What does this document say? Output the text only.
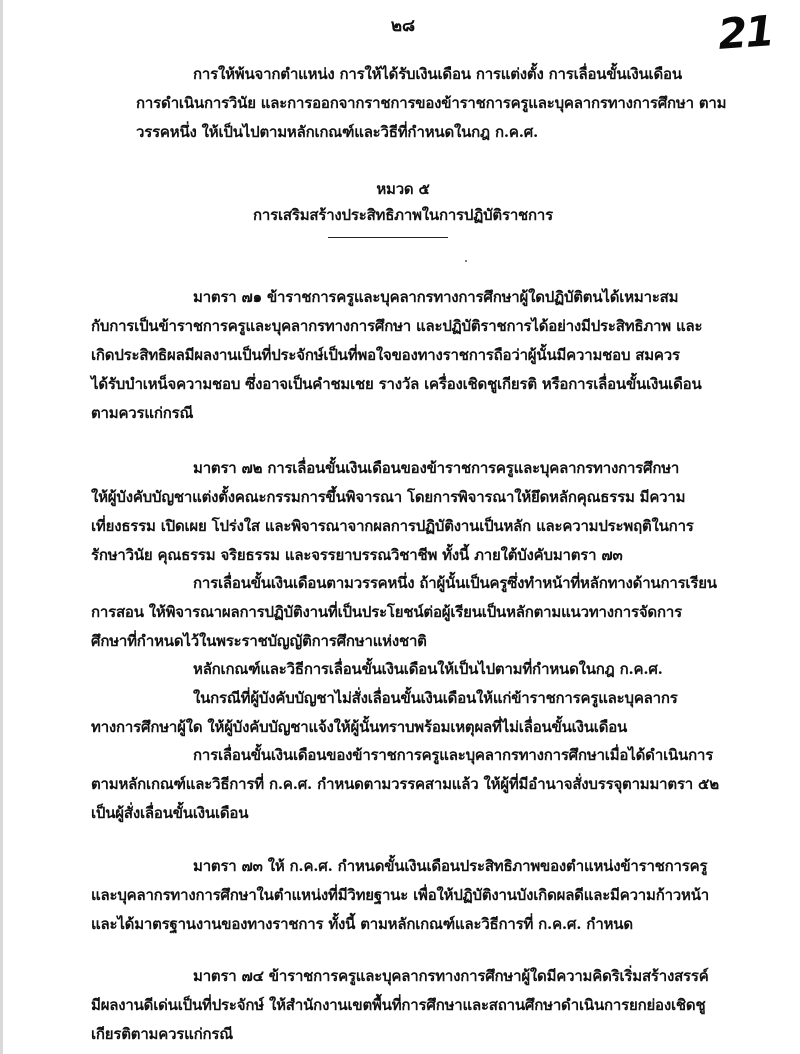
๒๘	21
การให้พ้นจากตำแหน่ง การให้ได้รับเงินเดือน การแต่งตั้ง การเลื่อนขั้นเงินเดือน
การดำเนินการวินัย และการออกจากราชการของข้าราชการครูและบุคลากรทางการศึกษา ตาม
วรรคหนึ่ง ให้เป็นไปตามหลักเกณฑ์และวิธีที่กำหนดในกฎ ก.ค.ศ.
หมวด ๕
การเสริมสร้างประสิทธิภาพในการปฏิบัติราชการ
มาตรา ๗๑ ข้าราชการครูและบุคลากรทางการศึกษาผู้ใดปฏิบัติตนได้เหมาะสม
กับการเป็นข้าราชการครูและบุคลากรทางการศึกษา และปฏิบัติราชการได้อย่างมีประสิทธิภาพ และ
เกิดประสิทธิผลมีผลงานเป็นที่ประจักษ์เป็นที่พอใจของทางราชการถือว่าผู้นั้นมีความชอบ สมควร
ได้รับบำเหน็จความชอบ ซึ่งอาจเป็นคำชมเชย รางวัล เครื่องเชิดชูเกียรติ หรือการเลื่อนขั้นเงินเดือน
ตามควรแก่กรณี
มาตรา ๗๒ การเลื่อนขั้นเงินเดือนของข้าราชการครูและบุคลากรทางการศึกษา
ให้ผู้บังคับบัญชาแต่งตั้งคณะกรรมการขึ้นพิจารณา โดยการพิจารณาให้ยึดหลักคุณธรรม มีความ
เที่ยงธรรม เปิดเผย โปร่งใส และพิจารณาจากผลการปฏิบัติงานเป็นหลัก และความประพฤติในการ
รักษาวินัย คุณธรรม จริยธรรม และจรรยาบรรณวิชาชีพ ทั้งนี้ ภายใต้บังคับมาตรา ๗๓
การเลื่อนขั้นเงินเดือนตามวรรคหนึ่ง ถ้าผู้นั้นเป็นครูซึ่งทำหน้าที่หลักทางด้านการเรียน
การสอน ให้พิจารณาผลการปฏิบัติงานที่เป็นประโยชน์ต่อผู้เรียนเป็นหลักตามแนวทางการจัดการ
ศึกษาที่กำหนดไว้ในพระราชบัญญัติการศึกษาแห่งชาติ
หลักเกณฑ์และวิธีการเลื่อนขั้นเงินเดือนให้เป็นไปตามที่กำหนดในกฎ ก.ค.ศ.
ในกรณีที่ผู้บังคับบัญชาไม่สั่งเลื่อนขั้นเงินเดือนให้แก่ข้าราชการครูและบุคลากร
ทางการศึกษาผู้ใด ให้ผู้บังคับบัญชาแจ้งให้ผู้นั้นทราบพร้อมเหตุผลที่ไม่เลื่อนขั้นเงินเดือน
การเลื่อนขั้นเงินเดือนของข้าราชการครูและบุคลากรทางการศึกษาเมื่อได้ดำเนินการ
ตามหลักเกณฑ์และวิธีการที่ ก.ค.ศ. กำหนดตามวรรคสามแล้ว ให้ผู้ที่มีอำนาจสั่งบรรจุตามมาตรา ๕๒
เป็นผู้สั่งเลื่อนขั้นเงินเดือน
มาตรา ๗๓ ให้ ก.ค.ศ. กำหนดขั้นเงินเดือนประสิทธิภาพของตำแหน่งข้าราชการครู
และบุคลากรทางการศึกษาในตำแหน่งที่มีวิทยฐานะ เพื่อให้ปฏิบัติงานบังเกิดผลดีและมีความก้าวหน้า
และได้มาตรฐานงานของทางราชการ ทั้งนี้ ตามหลักเกณฑ์และวิธีการที่ ก.ค.ศ. กำหนด
มาตรา ๗๔ ข้าราชการครูและบุคลากรทางการศึกษาผู้ใดมีความคิดริเริ่มสร้างสรรค์
มีผลงานดีเด่นเป็นที่ประจักษ์ ให้สำนักงานเขตพื้นที่การศึกษาและสถานศึกษาดำเนินการยกย่องเชิดชู
เกียรติตามควรแก่กรณี
